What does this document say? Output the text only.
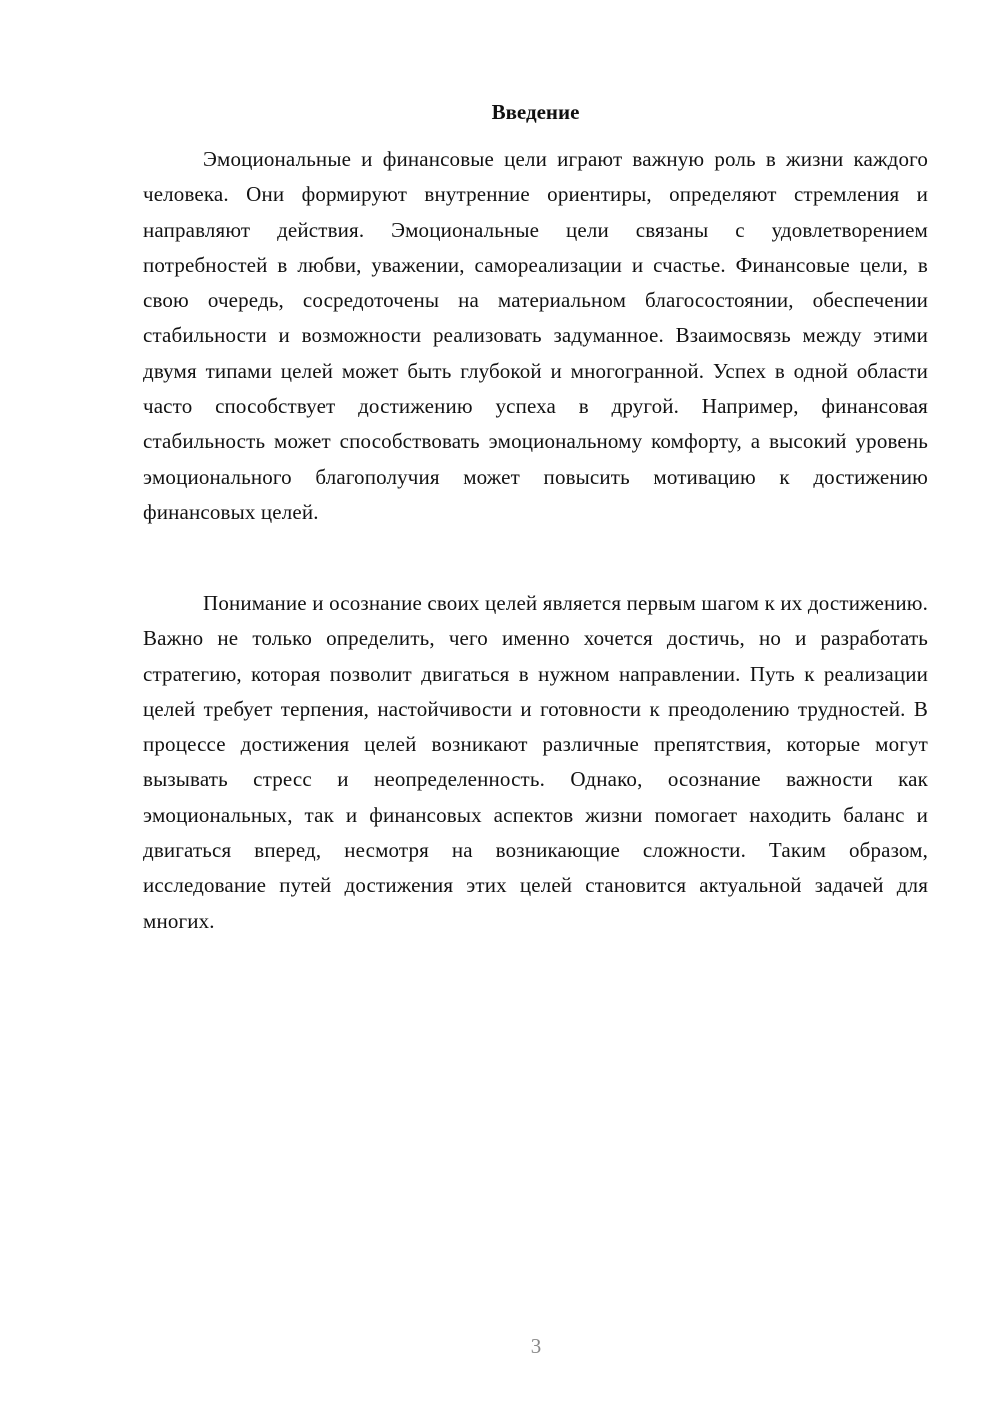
Введение

Эмоциональные и финансовые цели играют важную роль в жизни каждого человека. Они формируют внутренние ориентиры, определяют стремления и направляют действия. Эмоциональные цели связаны с удовлетворением потребностей в любви, уважении, самореализации и счастье. Финансовые цели, в свою очередь, сосредоточены на материальном благосостоянии, обеспечении стабильности и возможности реализовать задуманное. Взаимосвязь между этими двумя типами целей может быть глубокой и многогранной. Успех в одной области часто способствует достижению успеха в другой. Например, финансовая стабильность может способствовать эмоциональному комфорту, а высокий уровень эмоционального благополучия может повысить мотивацию к достижению финансовых целей.

Понимание и осознание своих целей является первым шагом к их достижению. Важно не только определить, чего именно хочется достичь, но и разработать стратегию, которая позволит двигаться в нужном направлении. Путь к реализации целей требует терпения, настойчивости и готовности к преодолению трудностей. В процессе достижения целей возникают различные препятствия, которые могут вызывать стресс и неопределенность. Однако, осознание важности как эмоциональных, так и финансовых аспектов жизни помогает находить баланс и двигаться вперед, несмотря на возникающие сложности. Таким образом, исследование путей достижения этих целей становится актуальной задачей для многих.

3
